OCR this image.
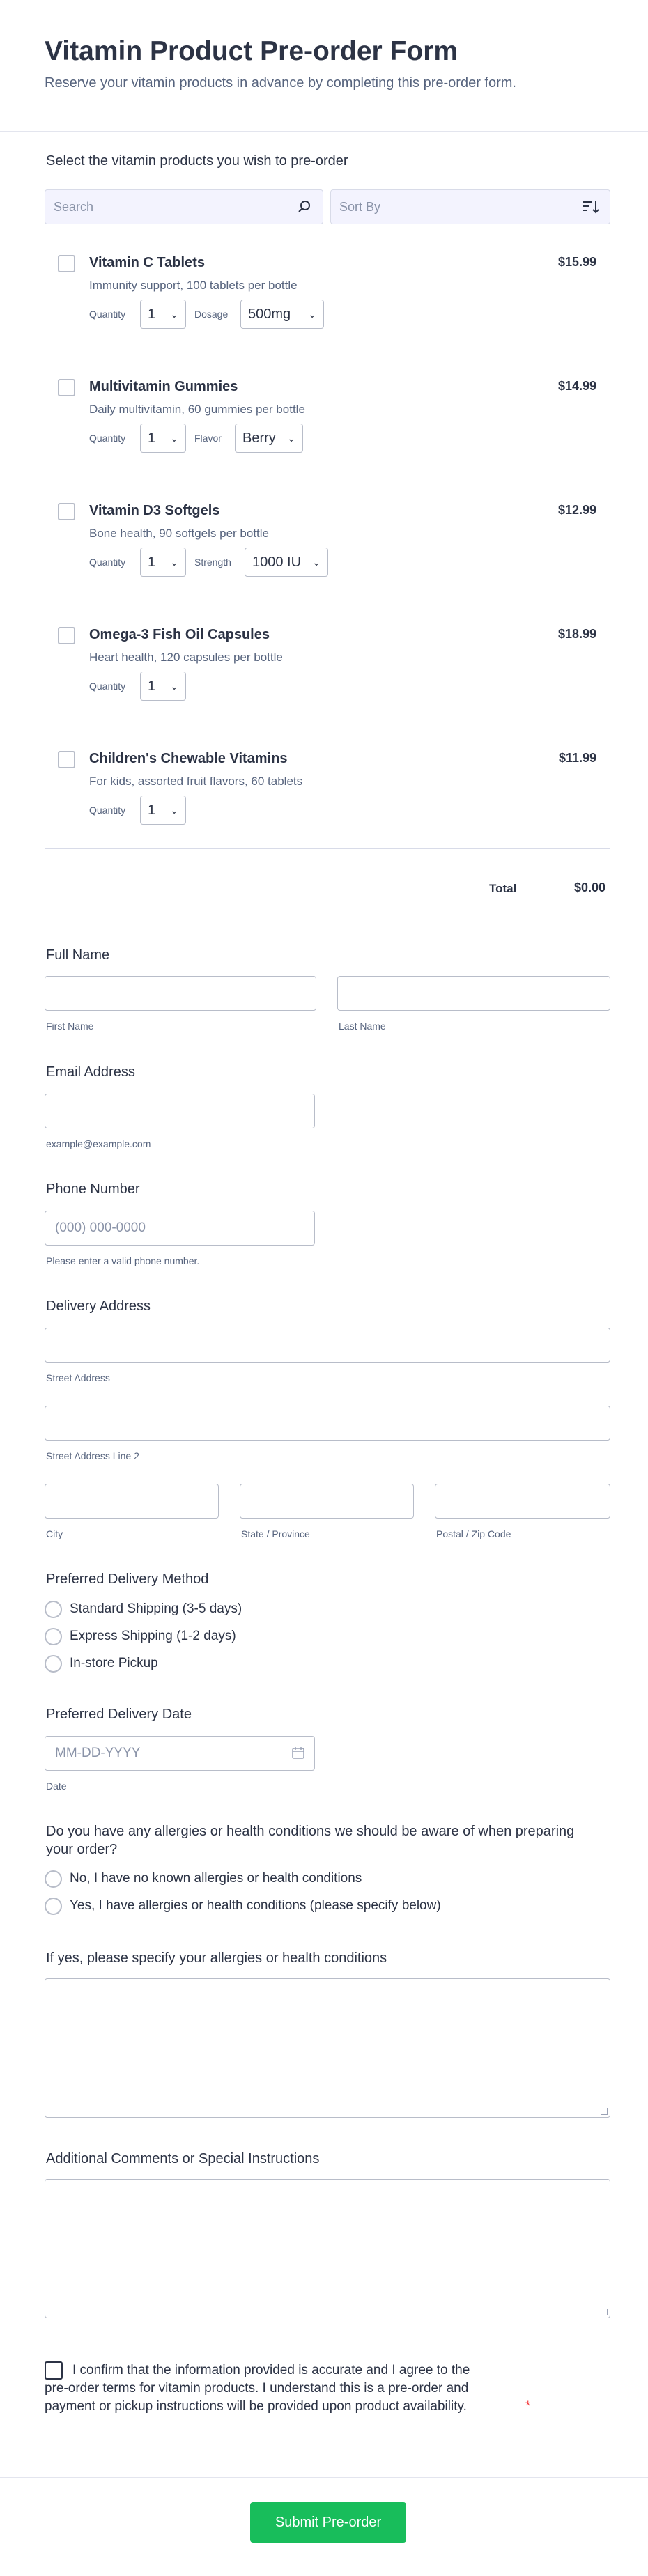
Vitamin Product Pre-order Form
Reserve your vitamin products in advance by completing this pre-order form.
Select the vitamin products you wish to pre-order
Search	Sort By
Vitamin C Tablets
Immunity support, 100 tablets per bottle
$15.99
Quantity 1 ⌄ Dosage 500mg ⌄
Multivitamin Gummies
Daily multivitamin, 60 gummies per bottle
$14.99
Quantity 1 ⌄ Flavor Berry ⌄
Vitamin D3 Softgels
Bone health, 90 softgels per bottle
$12.99
Quantity 1 ⌄ Strength 1000 IU ⌄
Omega-3 Fish Oil Capsules
Heart health, 120 capsules per bottle
$18.99
Quantity 1 ⌄
Children's Chewable Vitamins
For kids, assorted fruit flavors, 60 tablets
$11.99
Quantity 1 ⌄
Total	$0.00
Full Name
First Name	Last Name
Email Address
example@example.com
Phone Number
(000) 000-0000
Please enter a valid phone number.
Delivery Address
Street Address
Street Address Line 2
City	State / Province	Postal / Zip Code
Preferred Delivery Method
Standard Shipping (3-5 days)
Express Shipping (1-2 days)
In-store Pickup
Preferred Delivery Date
MM-DD-YYYY
Date
Do you have any allergies or health conditions we should be aware of when preparing
your order?
No, I have no known allergies or health conditions
Yes, I have allergies or health conditions (please specify below)
If yes, please specify your allergies or health conditions
Additional Comments or Special Instructions
I confirm that the information provided is accurate and I agree to the
pre-order terms for vitamin products. I understand this is a pre-order and
payment or pickup instructions will be provided upon product availability.	*
Submit Pre-order
